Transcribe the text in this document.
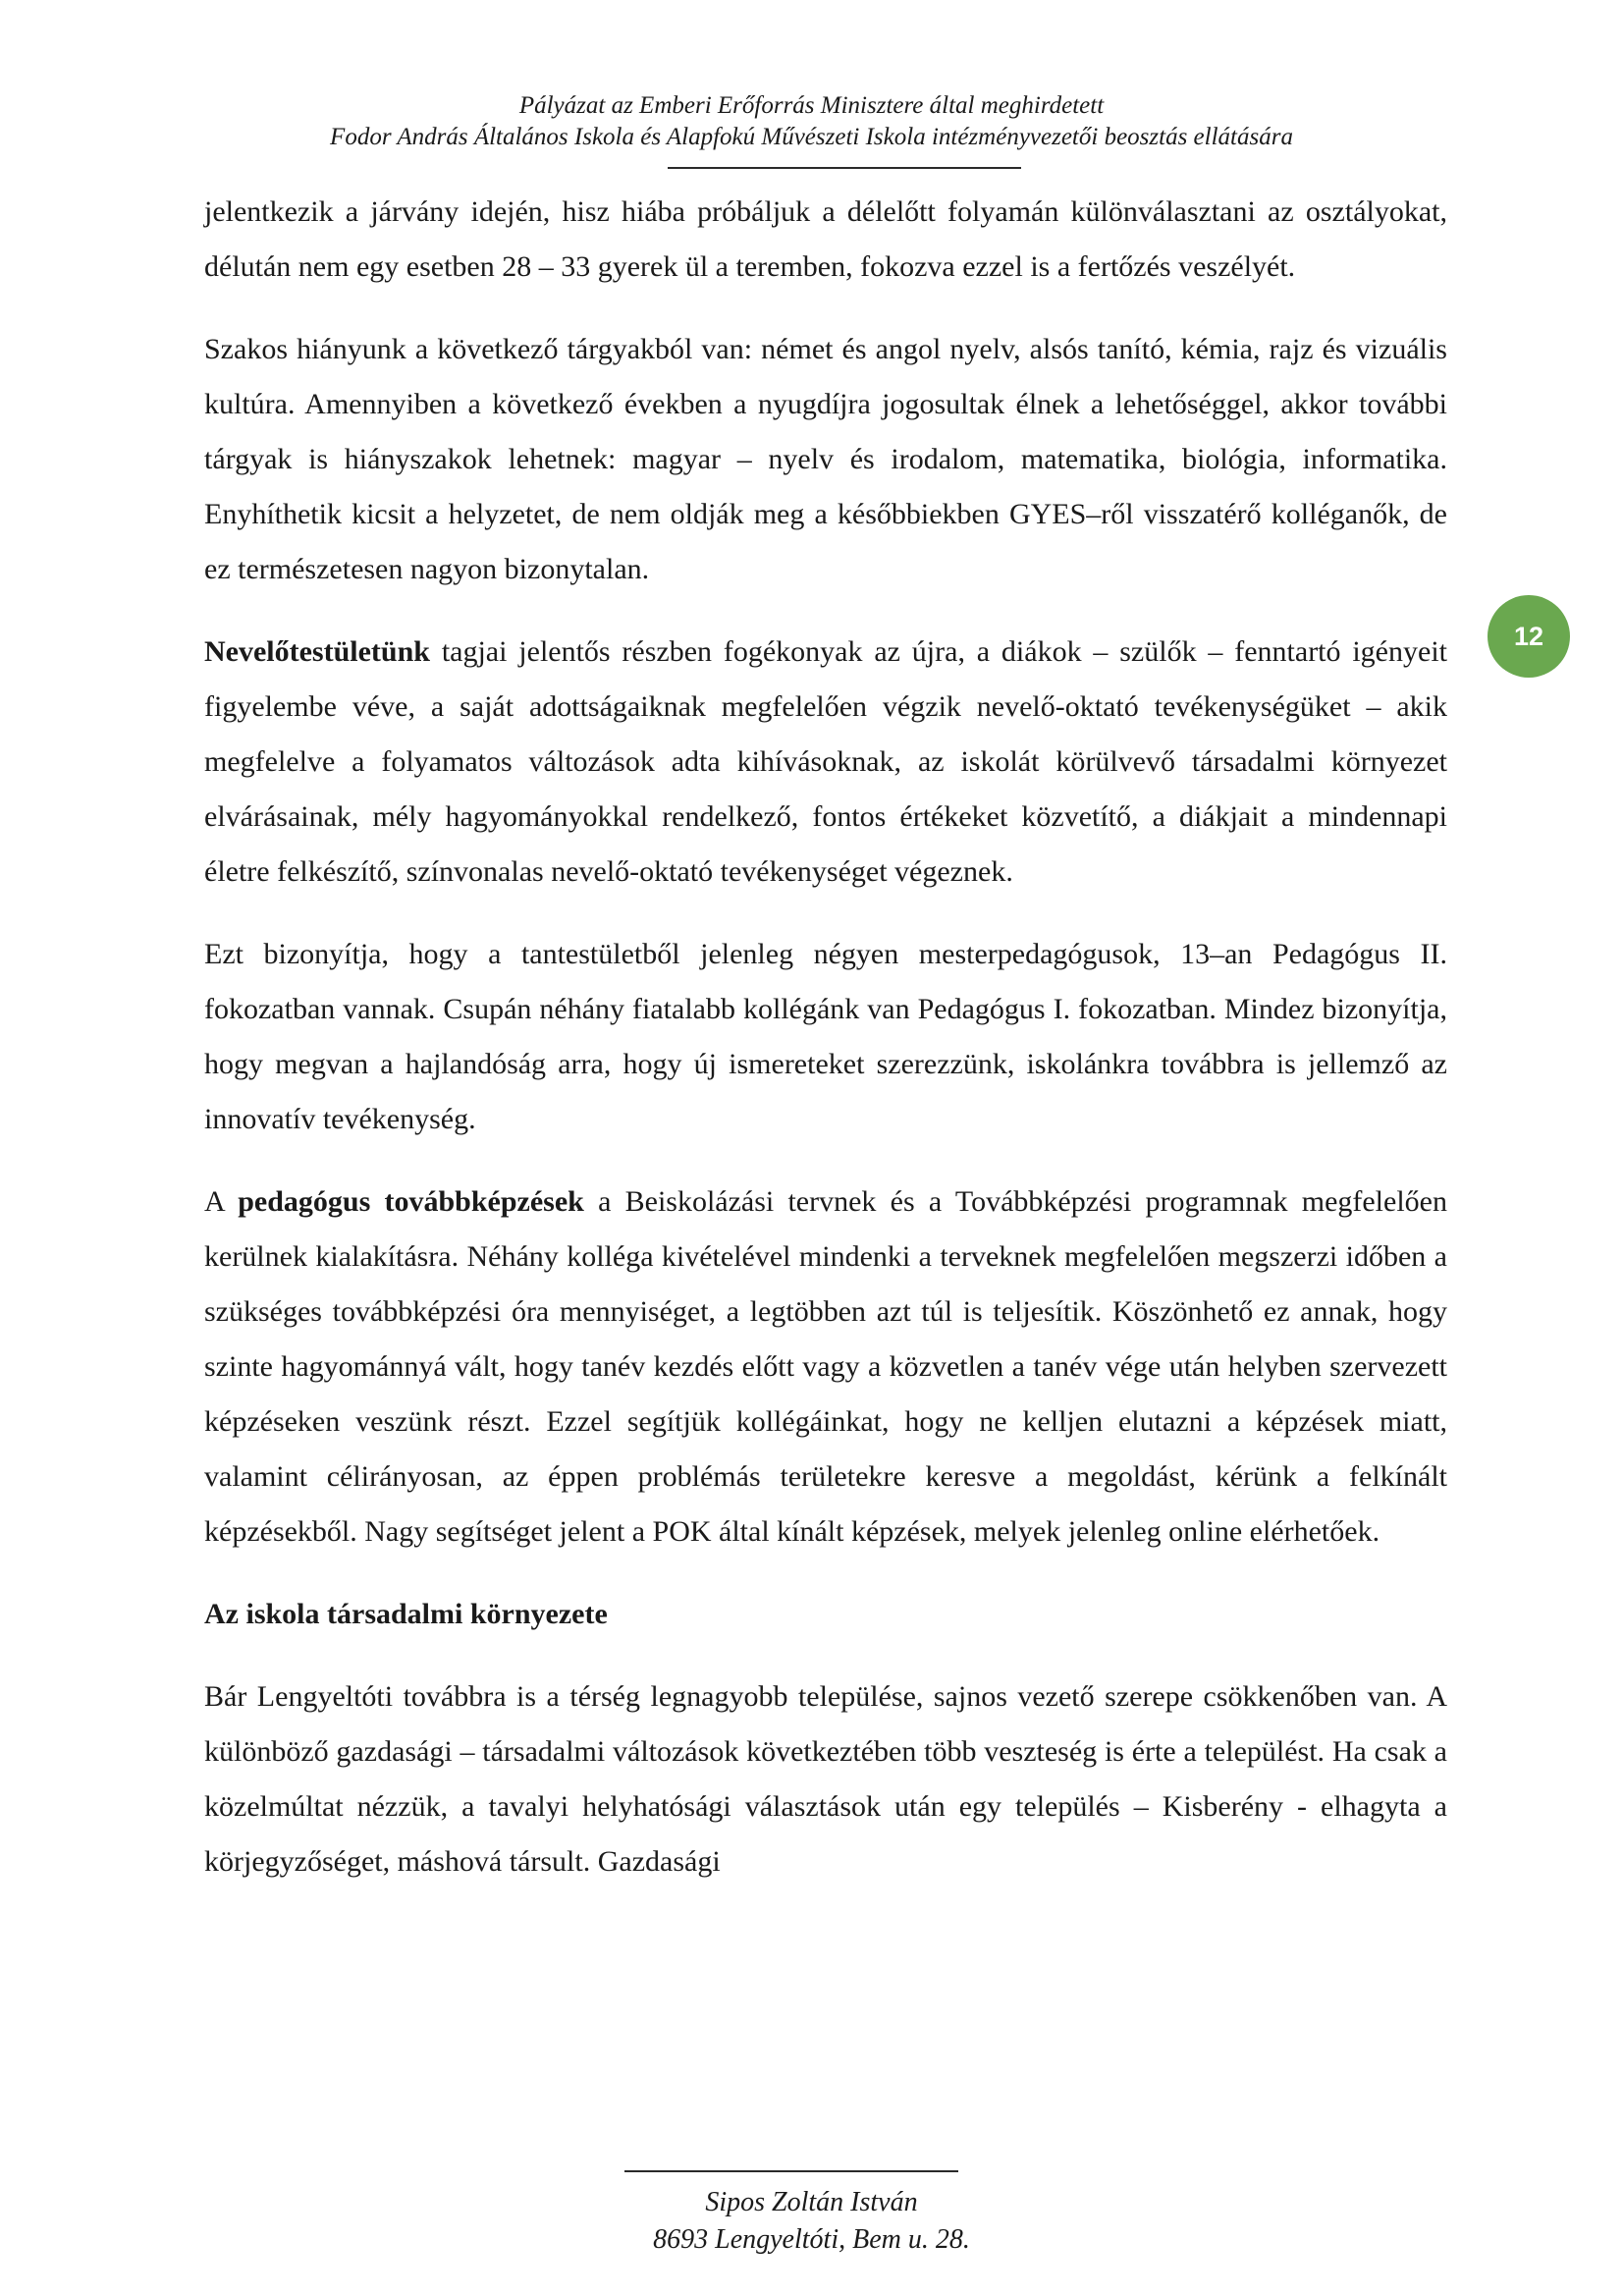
Pályázat az Emberi Erőforrás Minisztere által meghirdetett
Fodor András Általános Iskola és Alapfokú Művészeti Iskola intézményvezetői beosztás ellátására
12

jelentkezik a járvány idején, hisz hiába próbáljuk a délelőtt folyamán különválasztani az osztályokat, délután nem egy esetben 28 – 33 gyerek ül a teremben, fokozva ezzel is a fertőzés veszélyét.

Szakos hiányunk a következő tárgyakból van: német és angol nyelv, alsós tanító, kémia, rajz és vizuális kultúra. Amennyiben a következő években a nyugdíjra jogosultak élnek a lehetőséggel, akkor további tárgyak is hiányszakok lehetnek: magyar – nyelv és irodalom, matematika, biológia, informatika. Enyhíthetik kicsit a helyzetet, de nem oldják meg a későbbiekben GYES–ről visszatérő kolléganők, de ez természetesen nagyon bizonytalan.

Nevelőtestületünk tagjai jelentős részben fogékonyak az újra, a diákok – szülők – fenntartó igényeit figyelembe véve, a saját adottságaiknak megfelelően végzik nevelő-oktató tevékenységüket – akik megfelelve a folyamatos változások adta kihívásoknak, az iskolát körülvevő társadalmi környezet elvárásainak, mély hagyományokkal rendelkező, fontos értékeket közvetítő, a diákjait a mindennapi életre felkészítő, színvonalas nevelő-oktató tevékenységet végeznek.

Ezt bizonyítja, hogy a tantestületből jelenleg négyen mesterpedagógusok, 13–an Pedagógus II. fokozatban vannak. Csupán néhány fiatalabb kollégánk van Pedagógus I. fokozatban. Mindez bizonyítja, hogy megvan a hajlandóság arra, hogy új ismereteket szerezzünk, iskolánkra továbbra is jellemző az innovatív tevékenység.

A pedagógus továbbképzések a Beiskolázási tervnek és a Továbbképzési programnak megfelelően kerülnek kialakításra. Néhány kolléga kivételével mindenki a terveknek megfelelően megszerzi időben a szükséges továbbképzési óra mennyiséget, a legtöbben azt túl is teljesítik. Köszönhető ez annak, hogy szinte hagyománnyá vált, hogy tanév kezdés előtt vagy a közvetlen a tanév vége után helyben szervezett képzéseken veszünk részt. Ezzel segítjük kollégáinkat, hogy ne kelljen elutazni a képzések miatt, valamint célirányosan, az éppen problémás területekre keresve a megoldást, kérünk a felkínált képzésekből. Nagy segítséget jelent a POK által kínált képzések, melyek jelenleg online elérhetőek.

Az iskola társadalmi környezete

Bár Lengyeltóti továbbra is a térség legnagyobb települése, sajnos vezető szerepe csökkenőben van. A különböző gazdasági – társadalmi változások következtében több veszteség is érte a települést. Ha csak a közelmúltat nézzük, a tavalyi helyhatósági választások után egy település – Kisberény - elhagyta a körjegyzőséget, máshová társult. Gazdasági

Sipos Zoltán István
8693 Lengyeltóti, Bem u. 28.
